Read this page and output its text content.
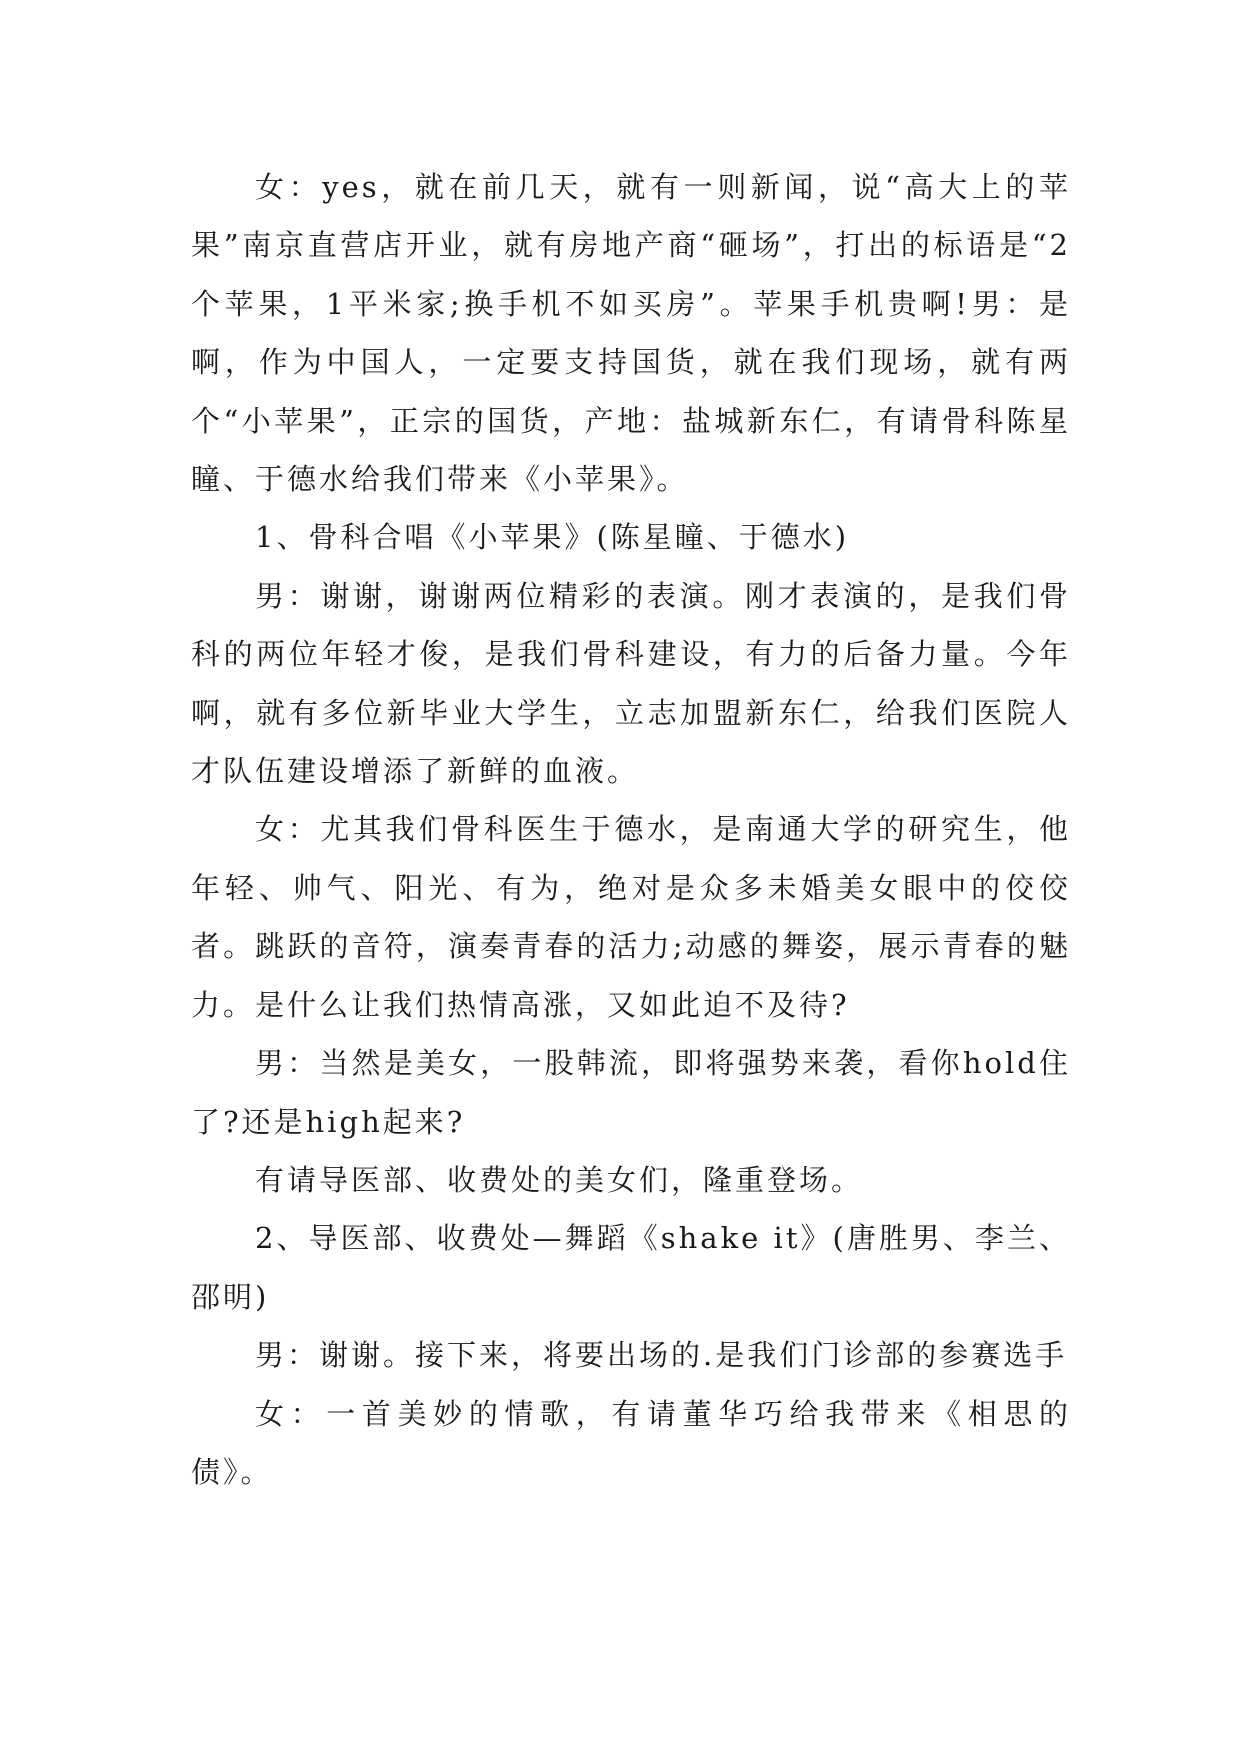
女：yes，就在前几天，就有一则新闻，说“高大上的苹果”南京直营店开业，就有房地产商“砸场”，打出的标语是“2个苹果，1平米家;换手机不如买房”。苹果手机贵啊!男：是啊，作为中国人，一定要支持国货，就在我们现场，就有两个“小苹果”，正宗的国货，产地：盐城新东仁，有请骨科陈星瞳、于德水给我们带来《小苹果》。

1、骨科合唱《小苹果》(陈星瞳、于德水)

男：谢谢，谢谢两位精彩的表演。刚才表演的，是我们骨科的两位年轻才俊，是我们骨科建设，有力的后备力量。今年啊，就有多位新毕业大学生，立志加盟新东仁，给我们医院人才队伍建设增添了新鲜的血液。

女：尤其我们骨科医生于德水，是南通大学的研究生，他年轻、帅气、阳光、有为，绝对是众多未婚美女眼中的佼佼者。跳跃的音符，演奏青春的活力;动感的舞姿，展示青春的魅力。是什么让我们热情高涨，又如此迫不及待?

男：当然是美女，一股韩流，即将强势来袭，看你hold住了?还是high起来?

有请导医部、收费处的美女们，隆重登场。

2、导医部、收费处—舞蹈《shake it》(唐胜男、李兰、邵明)

男：谢谢。接下来，将要出场的.是我们门诊部的参赛选手

女：一首美妙的情歌，有请董华巧给我带来《相思的债》。
